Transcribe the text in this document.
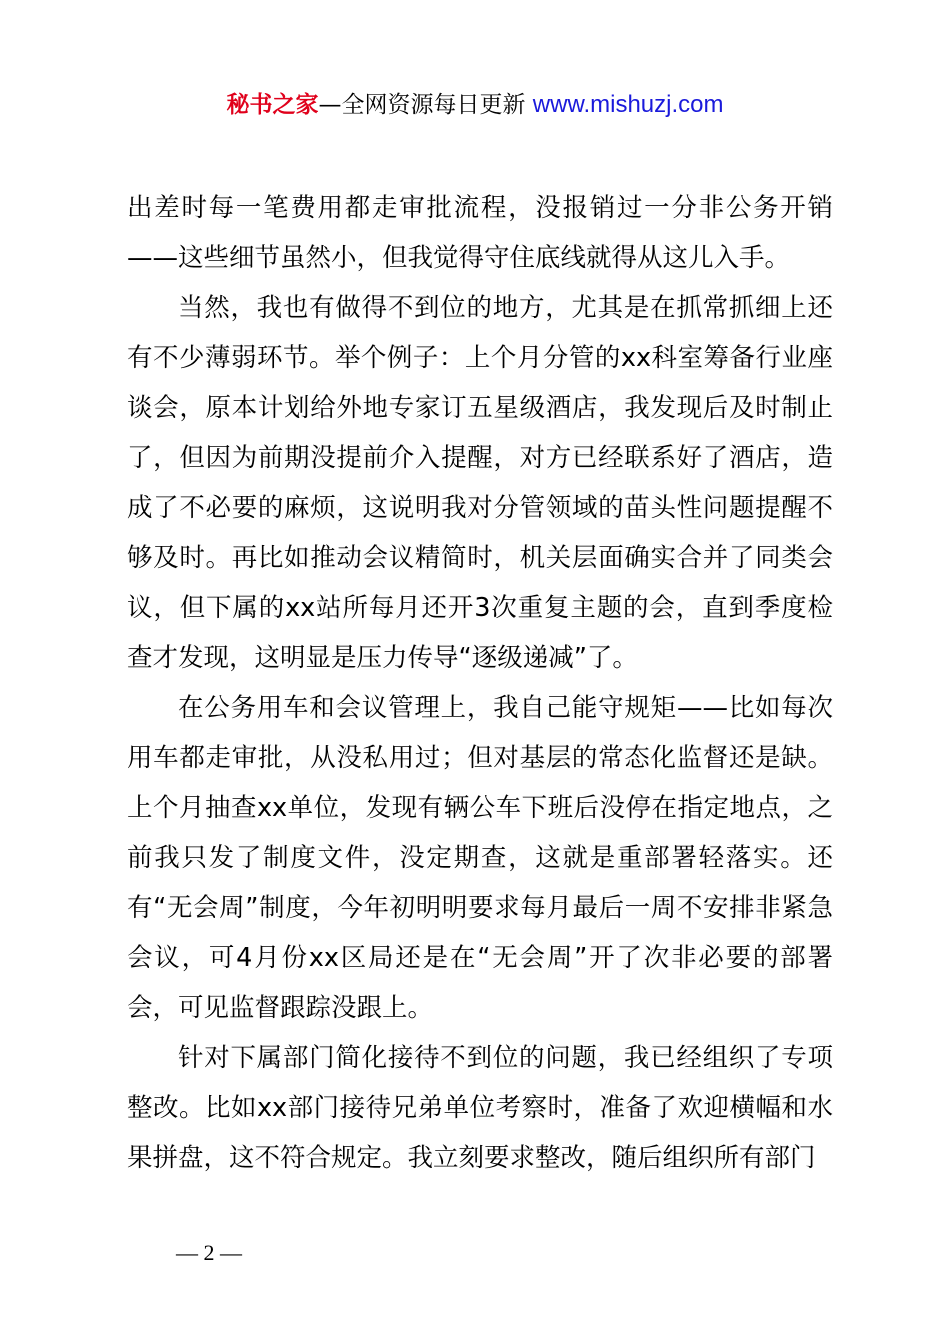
秘书之家—全网资源每日更新 www.mishuzj.com

出差时每一笔费用都走审批流程，没报销过一分非公务开销——这些细节虽然小，但我觉得守住底线就得从这儿入手。

当然，我也有做得不到位的地方，尤其是在抓常抓细上还有不少薄弱环节。举个例子：上个月分管的xx科室筹备行业座谈会，原本计划给外地专家订五星级酒店，我发现后及时制止了，但因为前期没提前介入提醒，对方已经联系好了酒店，造成了不必要的麻烦，这说明我对分管领域的苗头性问题提醒不够及时。再比如推动会议精简时，机关层面确实合并了同类会议，但下属的xx站所每月还开3次重复主题的会，直到季度检查才发现，这明显是压力传导“逐级递减”了。

在公务用车和会议管理上，我自己能守规矩——比如每次用车都走审批，从没私用过；但对基层的常态化监督还是缺。上个月抽查xx单位，发现有辆公车下班后没停在指定地点，之前我只发了制度文件，没定期查，这就是重部署轻落实。还有“无会周”制度，今年初明明要求每月最后一周不安排非紧急会议，可4月份xx区局还是在“无会周”开了次非必要的部署会，可见监督跟踪没跟上。

针对下属部门简化接待不到位的问题，我已经组织了专项整改。比如xx部门接待兄弟单位考察时，准备了欢迎横幅和水果拼盘，这不符合规定。我立刻要求整改，随后组织所有部门

— 2 —
